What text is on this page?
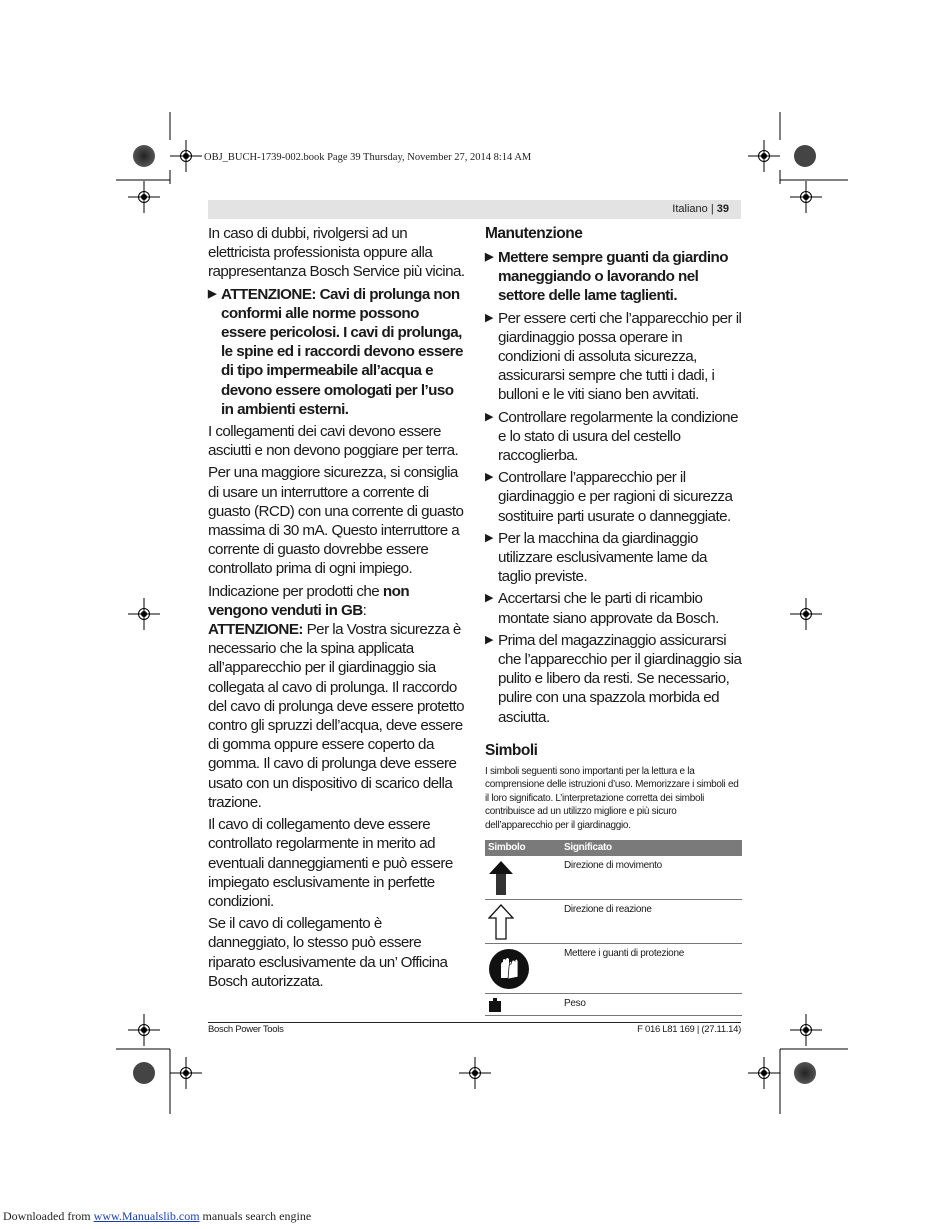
OBJ_BUCH-1739-002.book Page 39 Thursday, November 27, 2014 8:14 AM
Italiano | 39

In caso di dubbi, rivolgersi ad un elettricista professionista oppure alla rappresentanza Bosch Service più vicina.

▶ ATTENZIONE: Cavi di prolunga non conformi alle norme possono essere pericolosi. I cavi di prolunga, le spine ed i raccordi devono essere di tipo impermeabile all’acqua e devono essere omologati per l’uso in ambienti esterni.

I collegamenti dei cavi devono essere asciutti e non devono poggiare per terra.

Per una maggiore sicurezza, si consiglia di usare un interruttore a corrente di guasto (RCD) con una corrente di guasto massima di 30 mA. Questo interruttore a corrente di guasto dovrebbe essere controllato prima di ogni impiego.

Indicazione per prodotti che non vengono venduti in GB:

ATTENZIONE: Per la Vostra sicurezza è necessario che la spina applicata all’apparecchio per il giardinaggio sia collegata al cavo di prolunga. Il raccordo del cavo di prolunga deve essere protetto contro gli spruzzi dell’acqua, deve essere di gomma oppure essere coperto da gomma. Il cavo di prolunga deve essere usato con un dispositivo di scarico della trazione.

Il cavo di collegamento deve essere controllato regolarmente in merito ad eventuali danneggiamenti e può essere impiegato esclusivamente in perfette condizioni.

Se il cavo di collegamento è danneggiato, lo stesso può essere riparato esclusivamente da un’ Officina Bosch autorizzata.

Manutenzione
▶ Mettere sempre guanti da giardino maneggiando o lavorando nel settore delle lame taglienti.
▶ Per essere certi che l’apparecchio per il giardinaggio possa operare in condizioni di assoluta sicurezza, assicurarsi sempre che tutti i dadi, i bulloni e le viti siano ben avvitati.
▶ Controllare regolarmente la condizione e lo stato di usura del cestello raccoglierba.
▶ Controllare l’apparecchio per il giardinaggio e per ragioni di sicurezza sostituire parti usurate o danneggiate.
▶ Per la macchina da giardinaggio utilizzare esclusivamente lame da taglio previste.
▶ Accertarsi che le parti di ricambio montate siano approvate da Bosch.
▶ Prima del magazzinaggio assicurarsi che l’apparecchio per il giardinaggio sia pulito e libero da resti. Se necessario, pulire con una spazzola morbida ed asciutta.
Simboli

I simboli seguenti sono importanti per la lettura e la comprensione delle istruzioni d’uso. Memorizzare i simboli ed il loro significato. L’interpretazione corretta dei simboli contribuisce ad un utilizzo migliore e più sicuro dell’apparecchio per il giardinaggio.

Simbolo	Significato
	Direzione di movimento
	Direzione di reazione
	Mettere i guanti di protezione
	Peso
Bosch Power Tools	F 016 L81 169 | (27.11.14)
Downloaded from www.Manualslib.com manuals search engine
